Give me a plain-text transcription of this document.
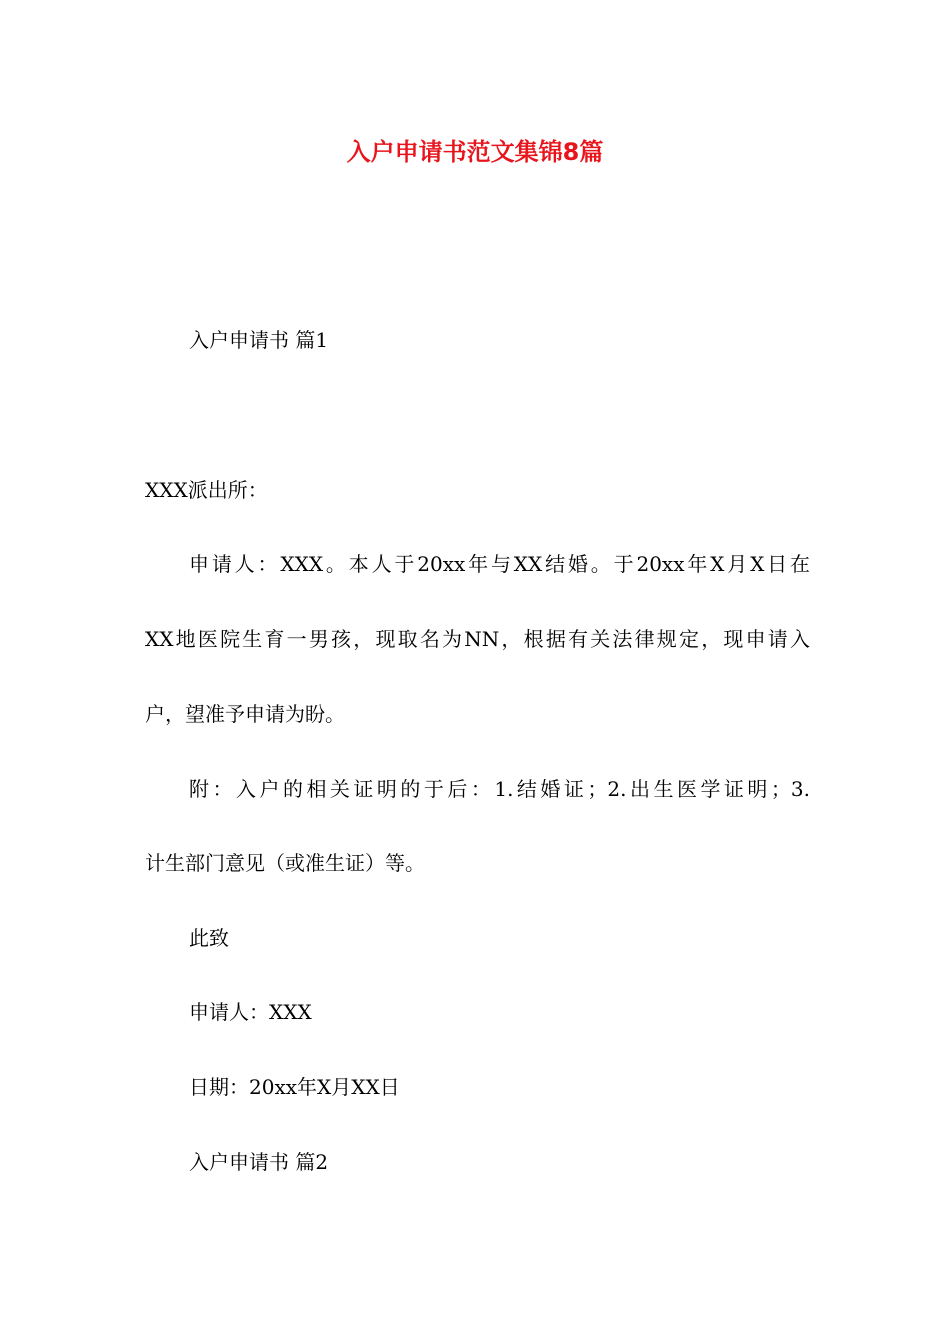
入户申请书范文集锦8篇
入户申请书 篇1
XXX派出所：
申请人：XXX。本人于20xx年与XX结婚。于20xx年X月X日在
XX地医院生育一男孩，现取名为NN，根据有关法律规定，现申请入
户，望准予申请为盼。
附：入户的相关证明的于后：1.结婚证；2.出生医学证明；3.
计生部门意见（或准生证）等。
此致
申请人：XXX
日期：20xx年X月XX日
入户申请书 篇2
